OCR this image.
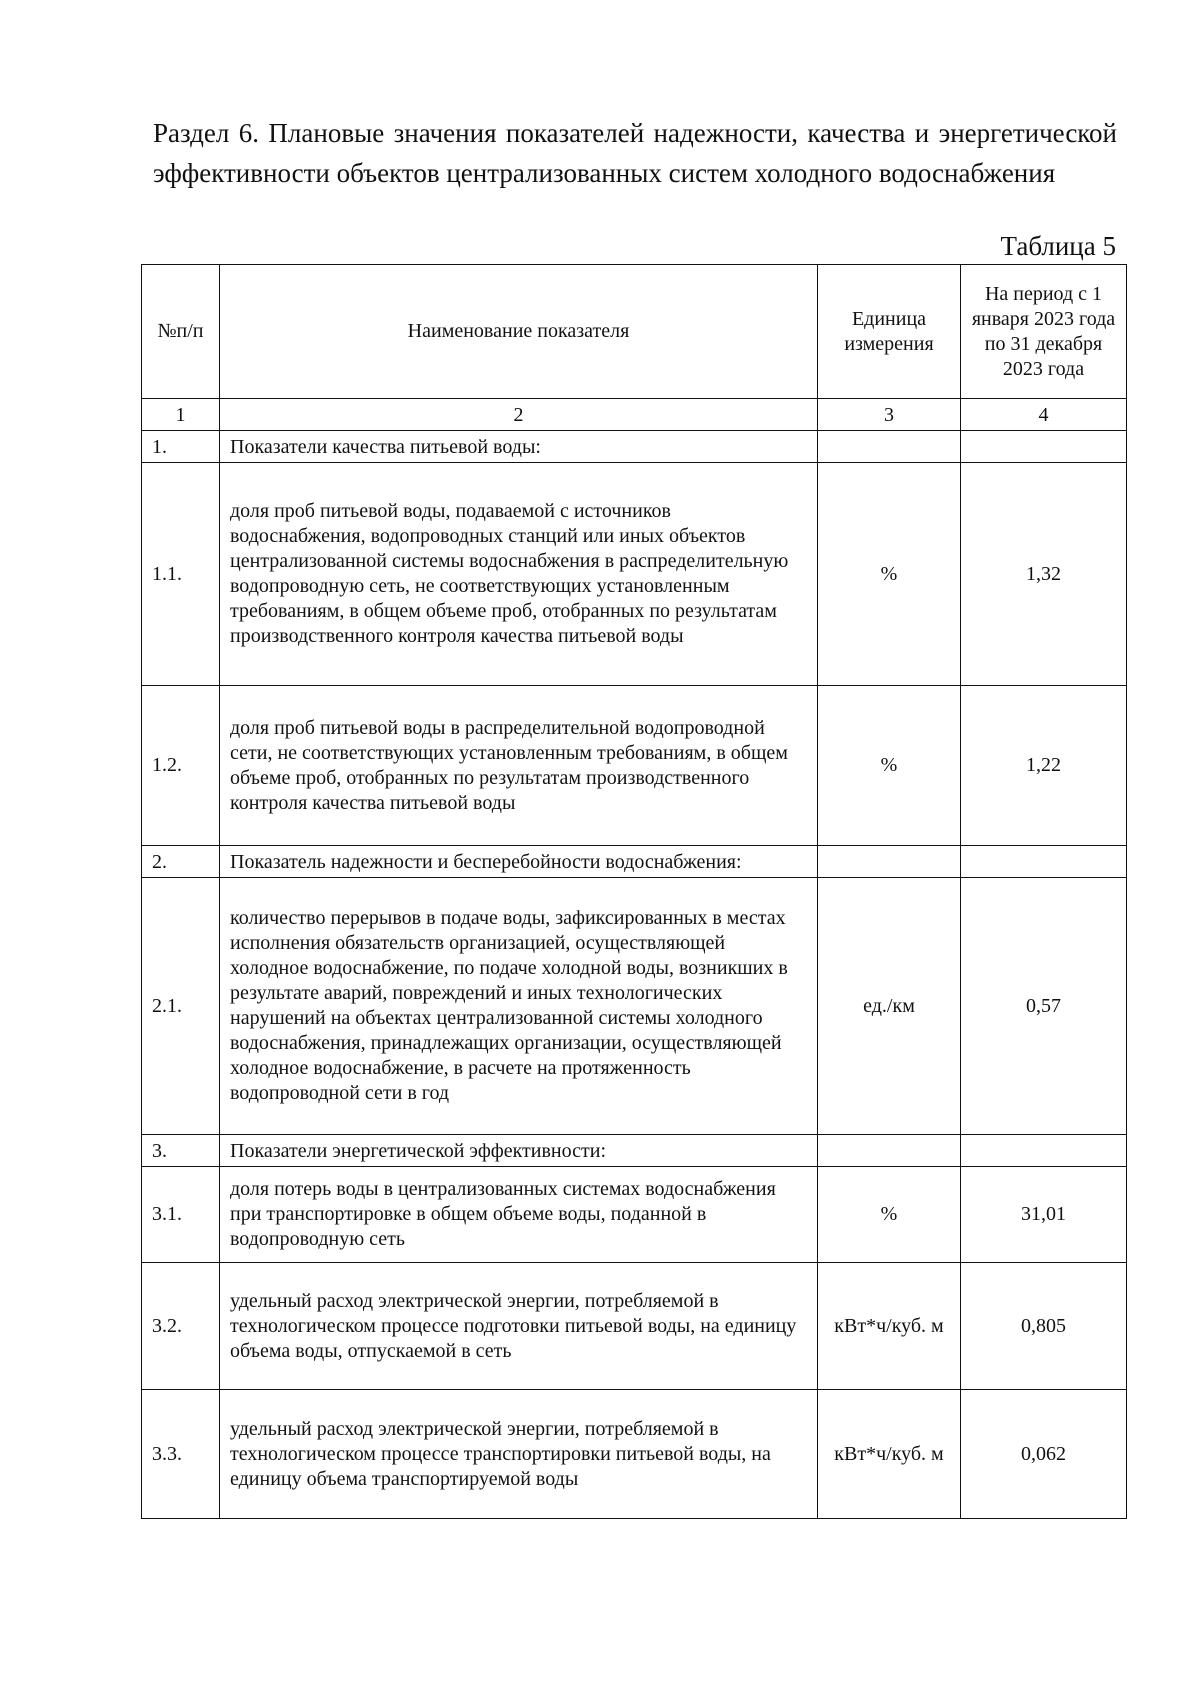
Раздел 6. Плановые значения показателей надежности, качества и энергетической эффективности объектов централизованных систем холодного водоснабжения

Таблица 5

№п/п	Наименование показателя	Единица измерения	На период с 1 января 2023 года по 31 декабря 2023 года
1	2	3	4
1.	Показатели качества питьевой воды:		
1.1.	доля проб питьевой воды, подаваемой с источников водоснабжения, водопроводных станций или иных объектов централизованной системы водоснабжения в распределительную водопроводную сеть, не соответствующих установленным требованиям, в общем объеме проб, отобранных по результатам производственного контроля качества питьевой воды	%	1,32
1.2.	доля проб питьевой воды в распределительной водопроводной сети, не соответствующих установленным требованиям, в общем объеме проб, отобранных по результатам производственного контроля качества питьевой воды	%	1,22
2.	Показатель надежности и бесперебойности водоснабжения:		
2.1.	количество перерывов в подаче воды, зафиксированных в местах исполнения обязательств организацией, осуществляющей холодное водоснабжение, по подаче холодной воды, возникших в результате аварий, повреждений и иных технологических нарушений на объектах централизованной системы холодного водоснабжения, принадлежащих организации, осуществляющей холодное водоснабжение, в расчете на протяженность водопроводной сети в год	ед./км	0,57
3.	Показатели энергетической эффективности:		
3.1.	доля потерь воды в централизованных системах водоснабжения при транспортировке в общем объеме воды, поданной в водопроводную сеть	%	31,01
3.2.	удельный расход электрической энергии, потребляемой в технологическом процессе подготовки питьевой воды, на единицу объема воды, отпускаемой в сеть	кВт*ч/куб. м	0,805
3.3.	удельный расход электрической энергии, потребляемой в технологическом процессе транспортировки питьевой воды, на единицу объема транспортируемой воды	кВт*ч/куб. м	0,062
